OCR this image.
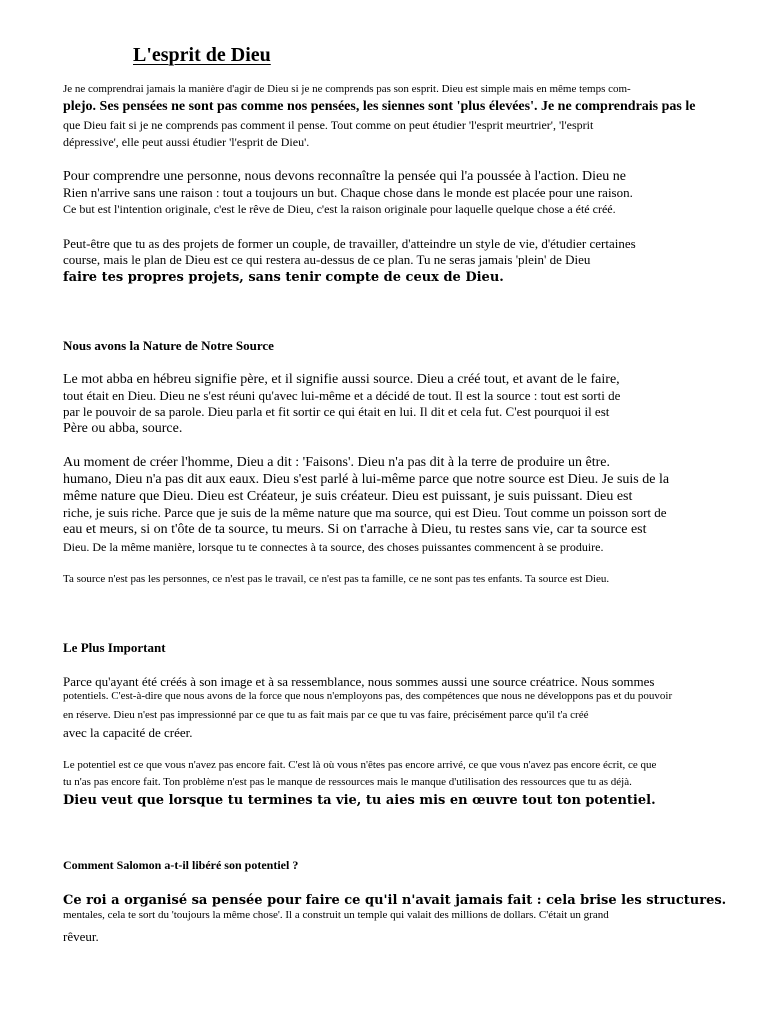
L'esprit de Dieu
Je ne comprendrai jamais la manière d'agir de Dieu si je ne comprends pas son esprit. Dieu est simple mais en même temps com-
plejo. Ses pensées ne sont pas comme nos pensées, les siennes sont 'plus élevées'. Je ne comprendrais pas le
que Dieu fait si je ne comprends pas comment il pense. Tout comme on peut étudier 'l'esprit meurtrier', 'l'esprit
dépressive', elle peut aussi étudier 'l'esprit de Dieu'.
Pour comprendre une personne, nous devons reconnaître la pensée qui l'a poussée à l'action. Dieu ne
Rien n'arrive sans une raison : tout a toujours un but. Chaque chose dans le monde est placée pour une raison.
Ce but est l'intention originale, c'est le rêve de Dieu, c'est la raison originale pour laquelle quelque chose a été créé.
Peut-être que tu as des projets de former un couple, de travailler, d'atteindre un style de vie, d'étudier certaines
course, mais le plan de Dieu est ce qui restera au-dessus de ce plan. Tu ne seras jamais 'plein' de Dieu
faire tes propres projets, sans tenir compte de ceux de Dieu.
Nous avons la Nature de Notre Source
Le mot abba en hébreu signifie père, et il signifie aussi source. Dieu a créé tout, et avant de le faire,
tout était en Dieu. Dieu ne s'est réuni qu'avec lui-même et a décidé de tout. Il est la source : tout est sorti de
par le pouvoir de sa parole. Dieu parla et fit sortir ce qui était en lui. Il dit et cela fut. C'est pourquoi il est
Père ou abba, source.
Au moment de créer l'homme, Dieu a dit : 'Faisons'. Dieu n'a pas dit à la terre de produire un être.
humano, Dieu n'a pas dit aux eaux. Dieu s'est parlé à lui-même parce que notre source est Dieu. Je suis de la
même nature que Dieu. Dieu est Créateur, je suis créateur. Dieu est puissant, je suis puissant. Dieu est
riche, je suis riche. Parce que je suis de la même nature que ma source, qui est Dieu. Tout comme un poisson sort de
eau et meurs, si on t'ôte de ta source, tu meurs. Si on t'arrache à Dieu, tu restes sans vie, car ta source est
Dieu. De la même manière, lorsque tu te connectes à ta source, des choses puissantes commencent à se produire.
Ta source n'est pas les personnes, ce n'est pas le travail, ce n'est pas ta famille, ce ne sont pas tes enfants. Ta source est Dieu.
Le Plus Important
Parce qu'ayant été créés à son image et à sa ressemblance, nous sommes aussi une source créatrice. Nous sommes
potentiels. C'est-à-dire que nous avons de la force que nous n'employons pas, des compétences que nous ne développons pas et du pouvoir
en réserve. Dieu n'est pas impressionné par ce que tu as fait mais par ce que tu vas faire, précisément parce qu'il t'a créé
avec la capacité de créer.
Le potentiel est ce que vous n'avez pas encore fait. C'est là où vous n'êtes pas encore arrivé, ce que vous n'avez pas encore écrit, ce que
tu n'as pas encore fait. Ton problème n'est pas le manque de ressources mais le manque d'utilisation des ressources que tu as déjà.
Dieu veut que lorsque tu termines ta vie, tu aies mis en œuvre tout ton potentiel.
Comment Salomon a-t-il libéré son potentiel ?
Ce roi a organisé sa pensée pour faire ce qu'il n'avait jamais fait : cela brise les structures.
mentales, cela te sort du 'toujours la même chose'. Il a construit un temple qui valait des millions de dollars. C'était un grand
rêveur.
